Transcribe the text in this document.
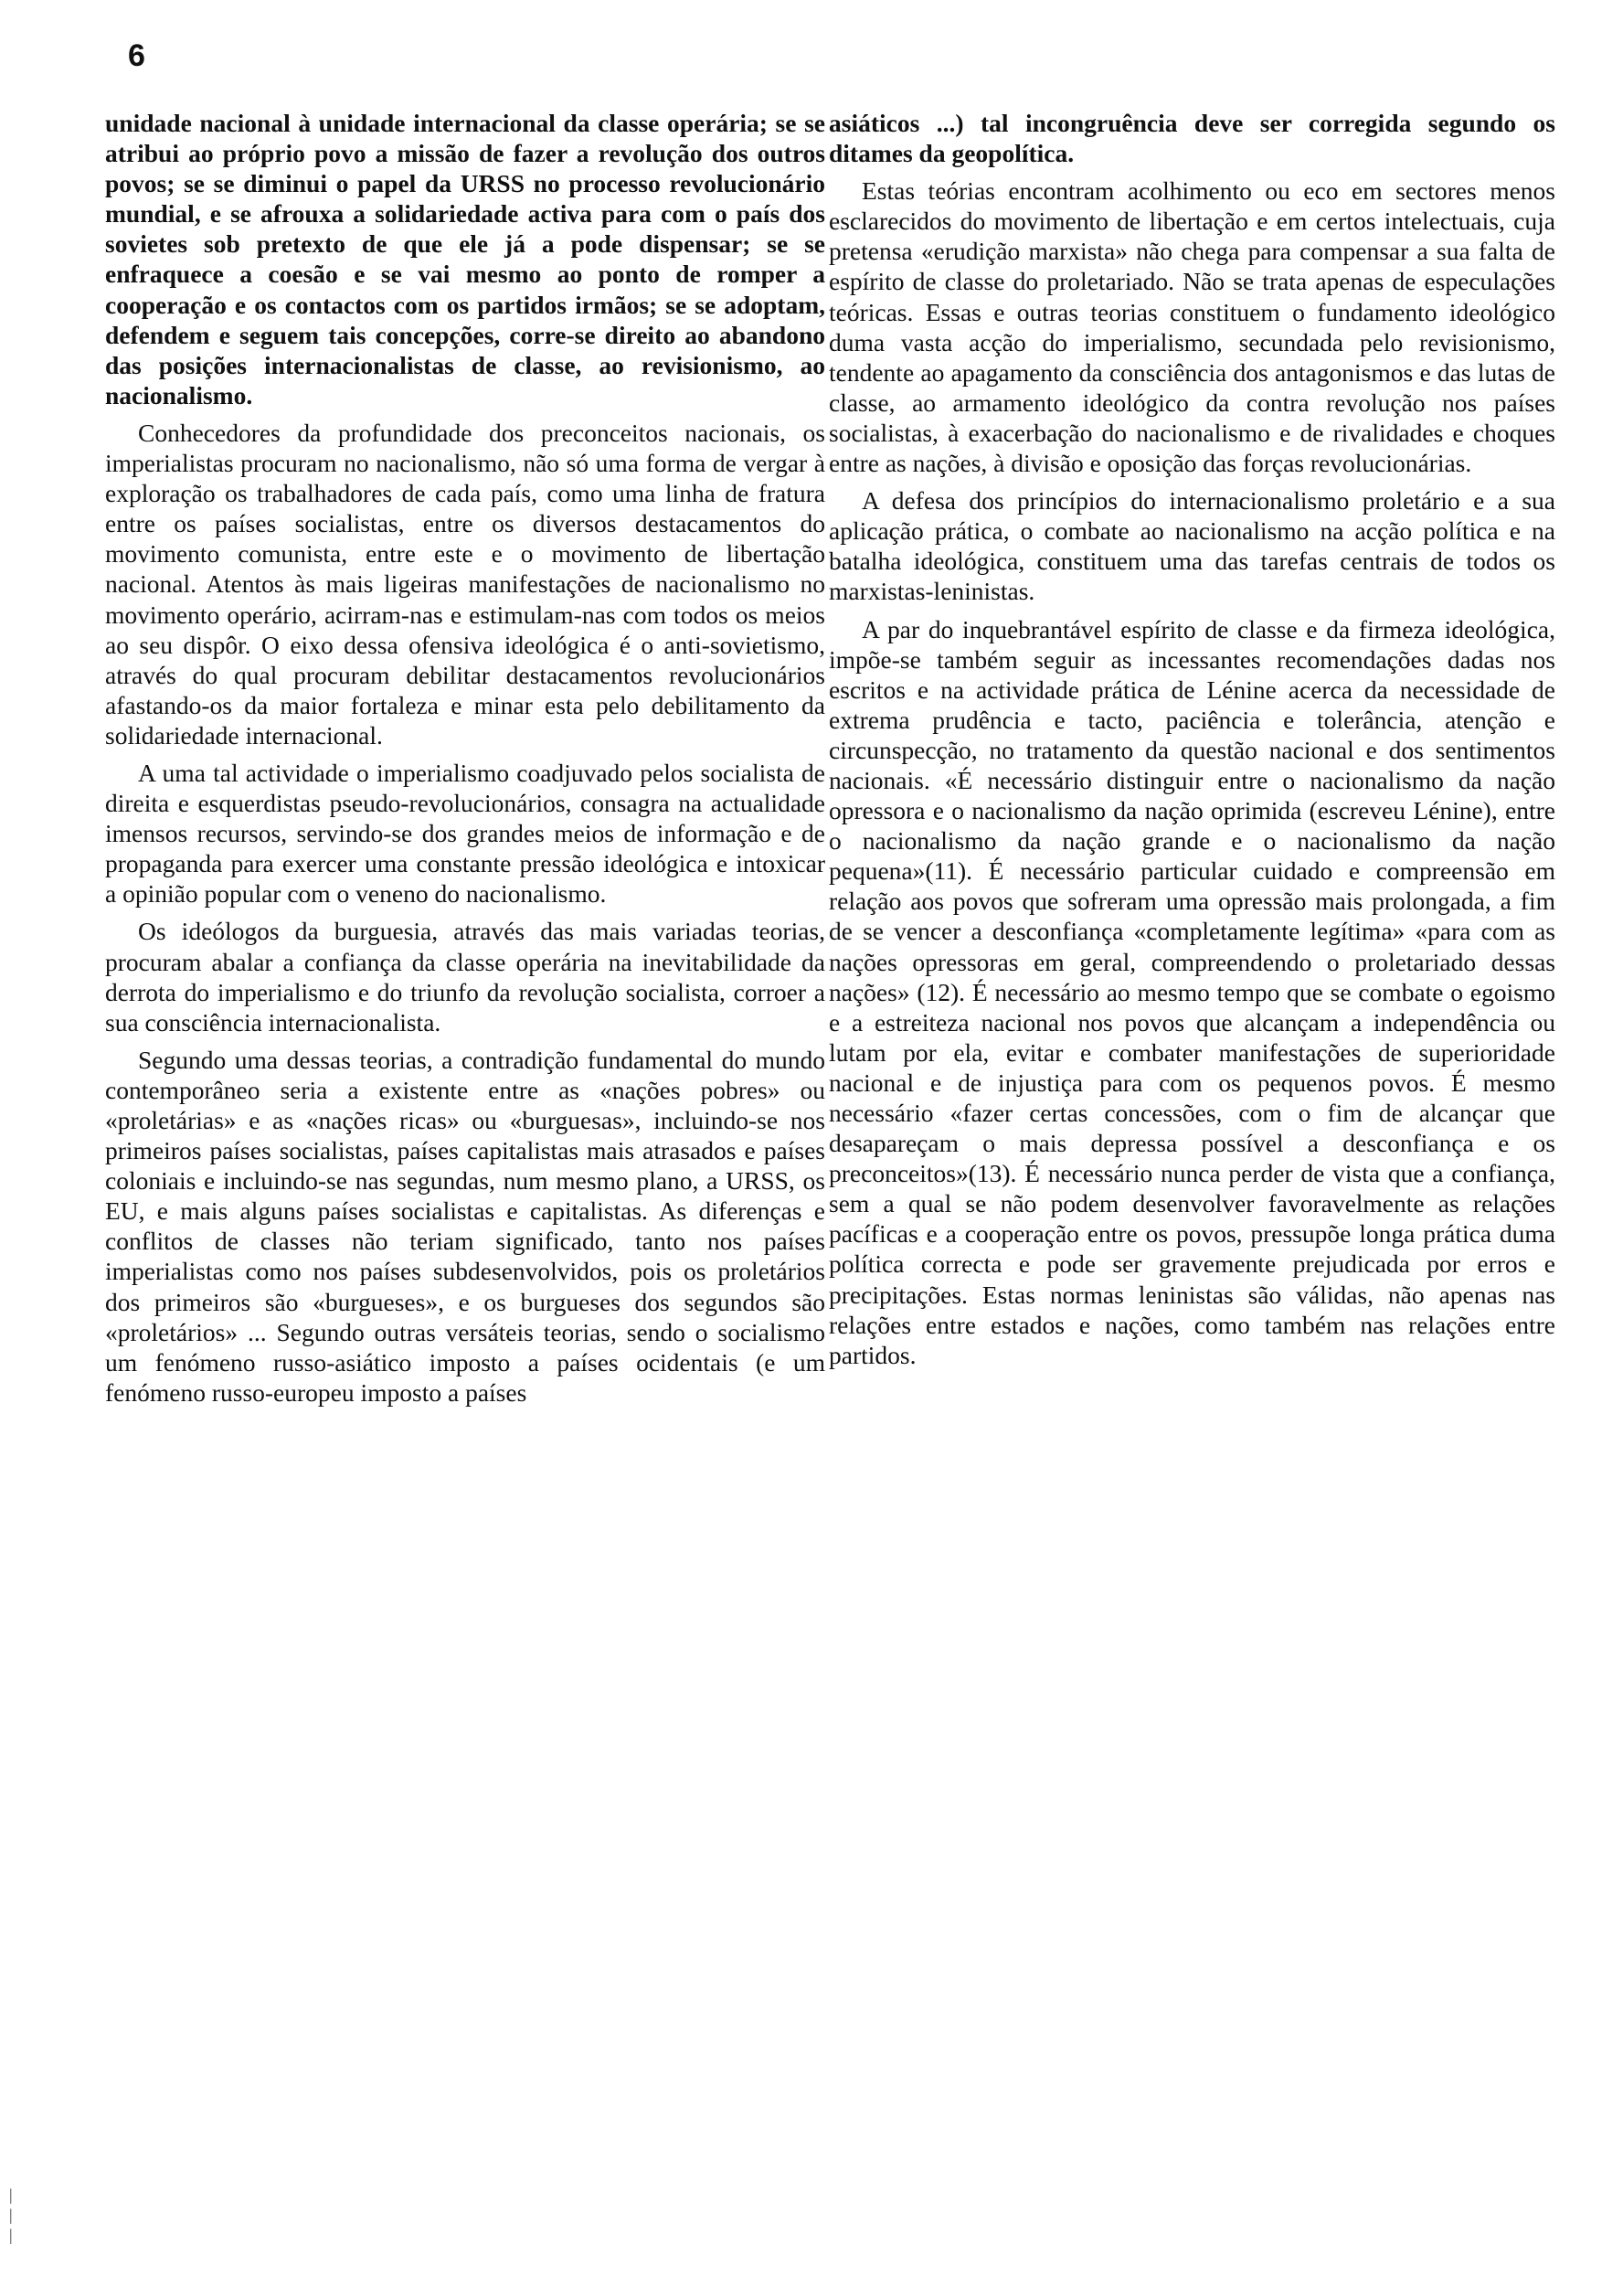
6

unidade nacional à unidade internacional da classe operária; se se atribui ao próprio povo a missão de fazer a revolução dos outros povos; se se diminui o papel da URSS no processo revolucionário mundial, e se afrouxa a solidariedade activa para com o país dos sovietes sob pretexto de que ele já a pode dispensar; se se enfraquece a coesão e se vai mesmo ao ponto de romper a cooperação e os contactos com os partidos irmãos; se se adoptam, defendem e seguem tais concepções, corre-se direito ao abandono das posições internacionalistas de classe, ao revisionismo, ao nacionalismo.

Conhecedores da profundidade dos preconceitos nacionais, os imperialistas procuram no nacionalismo, não só uma forma de vergar à exploração os trabalhadores de cada país, como uma linha de fratura entre os países socialistas, entre os diversos destacamentos do movimento comunista, entre este e o movimento de libertação nacional. Atentos às mais ligeiras manifestações de nacionalismo no movimento operário, acirram-nas e estimulam-nas com todos os meios ao seu dispôr. O eixo dessa ofensiva ideológica é o anti-sovietismo, através do qual procuram debilitar destacamentos revolucionários afastando-os da maior fortaleza e minar esta pelo debilitamento da solidariedade internacional.

A uma tal actividade o imperialismo coadjuvado pelos socialista de direita e esquerdistas pseudo-revolucionários, consagra na actualidade imensos recursos, servindo-se dos grandes meios de informação e de propaganda para exercer uma constante pressão ideológica e intoxicar a opinião popular com o veneno do nacionalismo.

Os ideólogos da burguesia, através das mais variadas teorias, procuram abalar a confiança da classe operária na inevitabilidade da derrota do imperialismo e do triunfo da revolução socialista, corroer a sua consciência internacionalista.

Segundo uma dessas teorias, a contradição fundamental do mundo contemporâneo seria a existente entre as «nações pobres» ou «proletárias» e as «nações ricas» ou «burguesas», incluindo-se nos primeiros países socialistas, países capitalistas mais atrasados e países coloniais e incluindo-se nas segundas, num mesmo plano, a URSS, os EU, e mais alguns países socialistas e capitalistas. As diferenças e conflitos de classes não teriam significado, tanto nos países imperialistas como nos países subdesenvolvidos, pois os proletários dos primeiros são «burgueses», e os burgueses dos segundos são «proletários» ... Segundo outras versáteis teorias, sendo o socialismo um fenómeno russo-asiático imposto a países ocidentais (e um fenómeno russo-europeu imposto a países

asiáticos ...) tal incongruência deve ser corregida segundo os ditames da geopolítica.

Estas teórias encontram acolhimento ou eco em sectores menos esclarecidos do movimento de libertação e em certos intelectuais, cuja pretensa «erudição marxista» não chega para compensar a sua falta de espírito de classe do proletariado. Não se trata apenas de especulações teóricas. Essas e outras teorias constituem o fundamento ideológico duma vasta acção do imperialismo, secundada pelo revisionismo, tendente ao apagamento da consciência dos antagonismos e das lutas de classe, ao armamento ideológico da contra revolução nos países socialistas, à exacerbação do nacionalismo e de rivalidades e choques entre as nações, à divisão e oposição das forças revolucionárias.

A defesa dos princípios do internacionalismo proletário e a sua aplicação prática, o combate ao nacionalismo na acção política e na batalha ideológica, constituem uma das tarefas centrais de todos os marxistas-leninistas.

A par do inquebrantável espírito de classe e da firmeza ideológica, impõe-se também seguir as incessantes recomendações dadas nos escritos e na actividade prática de Lénine acerca da necessidade de extrema prudência e tacto, paciência e tolerância, atenção e circunspecção, no tratamento da questão nacional e dos sentimentos nacionais. «É necessário distinguir entre o nacionalismo da nação opressora e o nacionalismo da nação oprimida (escreveu Lénine), entre o nacionalismo da nação grande e o nacionalismo da nação pequena»(11). É necessário particular cuidado e compreensão em relação aos povos que sofreram uma opressão mais prolongada, a fim de se vencer a desconfiança «completamente legítima» «para com as nações opressoras em geral, compreendendo o proletariado dessas nações» (12). É necessário ao mesmo tempo que se combate o egoismo e a estreiteza nacional nos povos que alcançam a independência ou lutam por ela, evitar e combater manifestações de superioridade nacional e de injustiça para com os pequenos povos. É mesmo necessário «fazer certas concessões, com o fim de alcançar que desapareçam o mais depressa possível a desconfiança e os preconceitos»(13). É necessário nunca perder de vista que a confiança, sem a qual se não podem desenvolver favoravelmente as relações pacíficas e a cooperação entre os povos, pressupõe longa prática duma política correcta e pode ser gravemente prejudicada por erros e precipitações. Estas normas leninistas são válidas, não apenas nas relações entre estados e nações, como também nas relações entre partidos.

|
|
|
